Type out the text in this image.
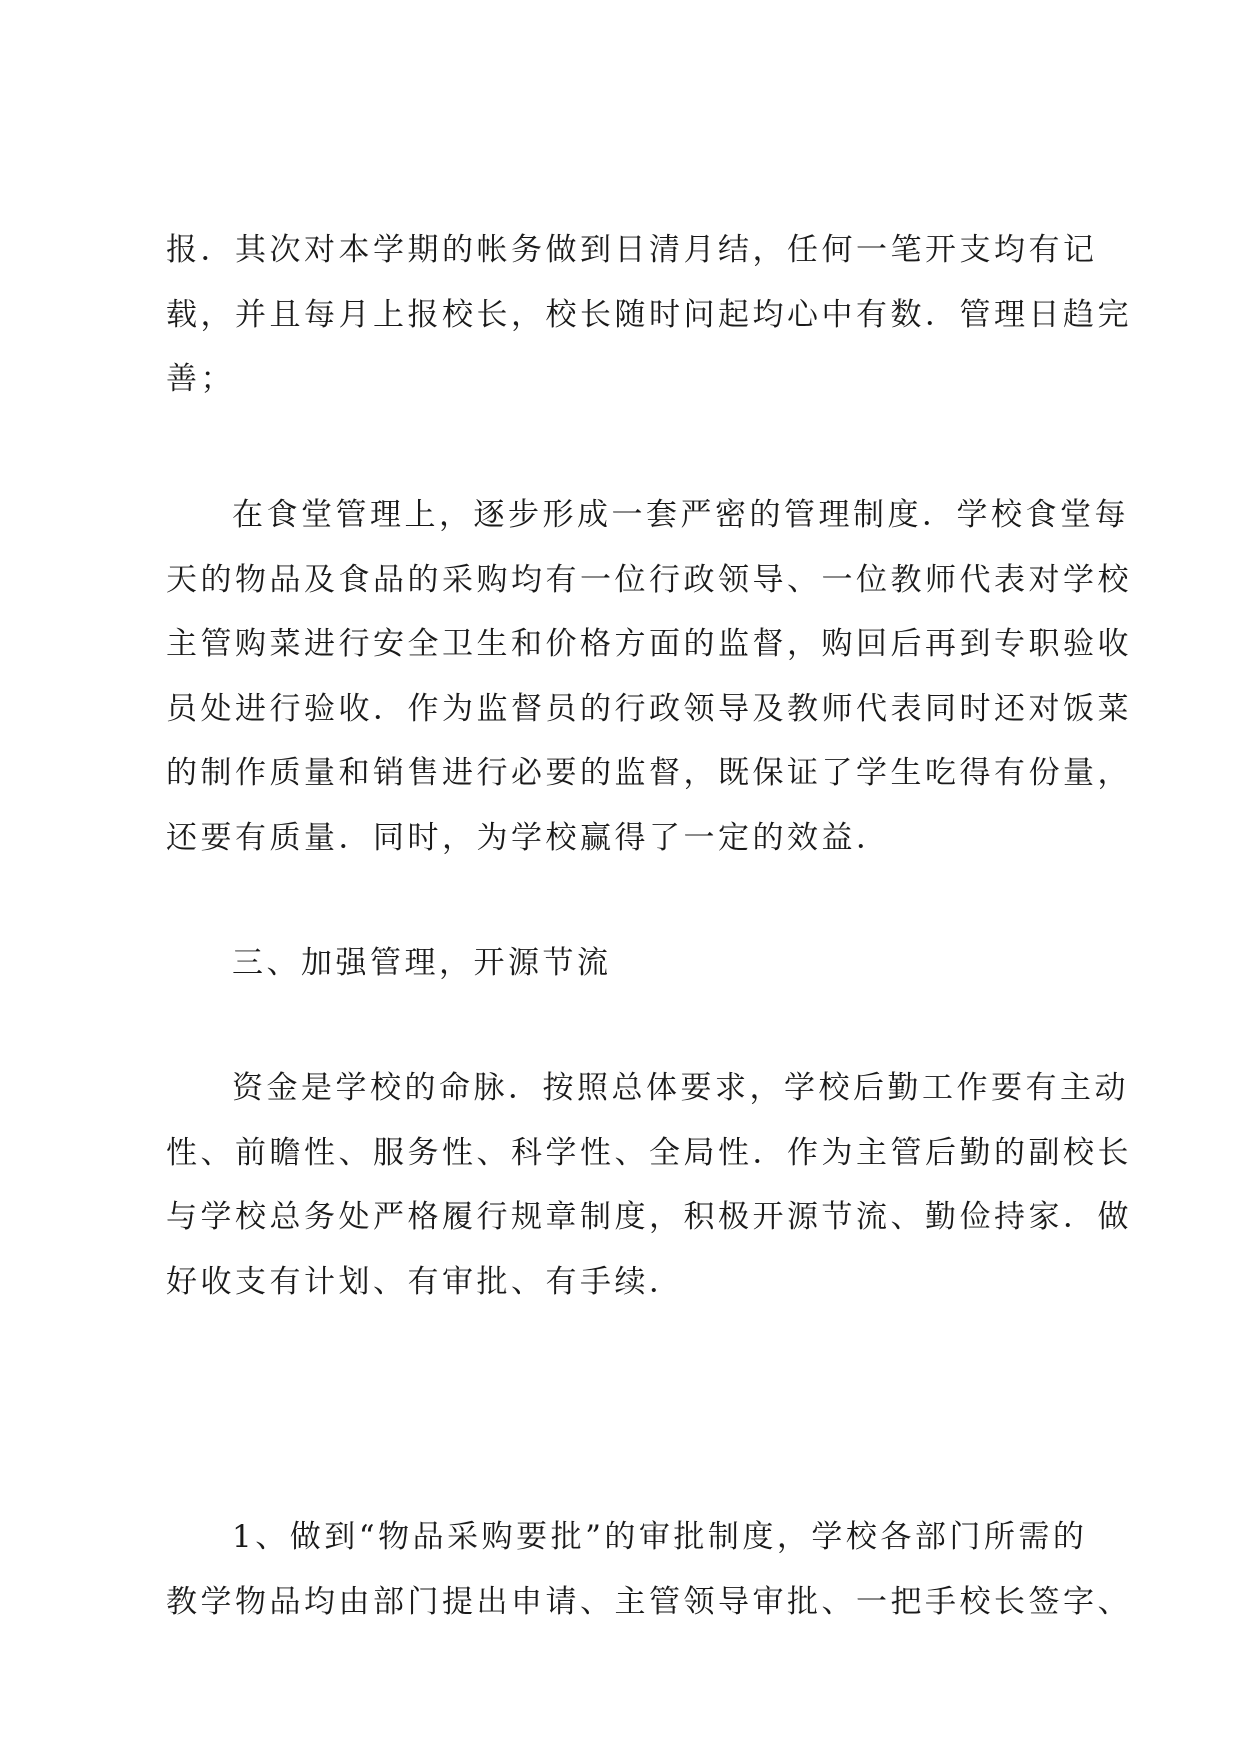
报．其次对本学期的帐务做到日清月结，任何一笔开支均有记
载，并且每月上报校长，校长随时问起均心中有数．管理日趋完
善；
在食堂管理上，逐步形成一套严密的管理制度．学校食堂每
天的物品及食品的采购均有一位行政领导、一位教师代表对学校
主管购菜进行安全卫生和价格方面的监督，购回后再到专职验收
员处进行验收．作为监督员的行政领导及教师代表同时还对饭菜
的制作质量和销售进行必要的监督，既保证了学生吃得有份量，
还要有质量．同时，为学校赢得了一定的效益．
三、加强管理，开源节流
资金是学校的命脉．按照总体要求，学校后勤工作要有主动
性、前瞻性、服务性、科学性、全局性．作为主管后勤的副校长
与学校总务处严格履行规章制度，积极开源节流、勤俭持家．做
好收支有计划、有审批、有手续．
1、做到“物品采购要批”的审批制度，学校各部门所需的
教学物品均由部门提出申请、主管领导审批、一把手校长签字、
